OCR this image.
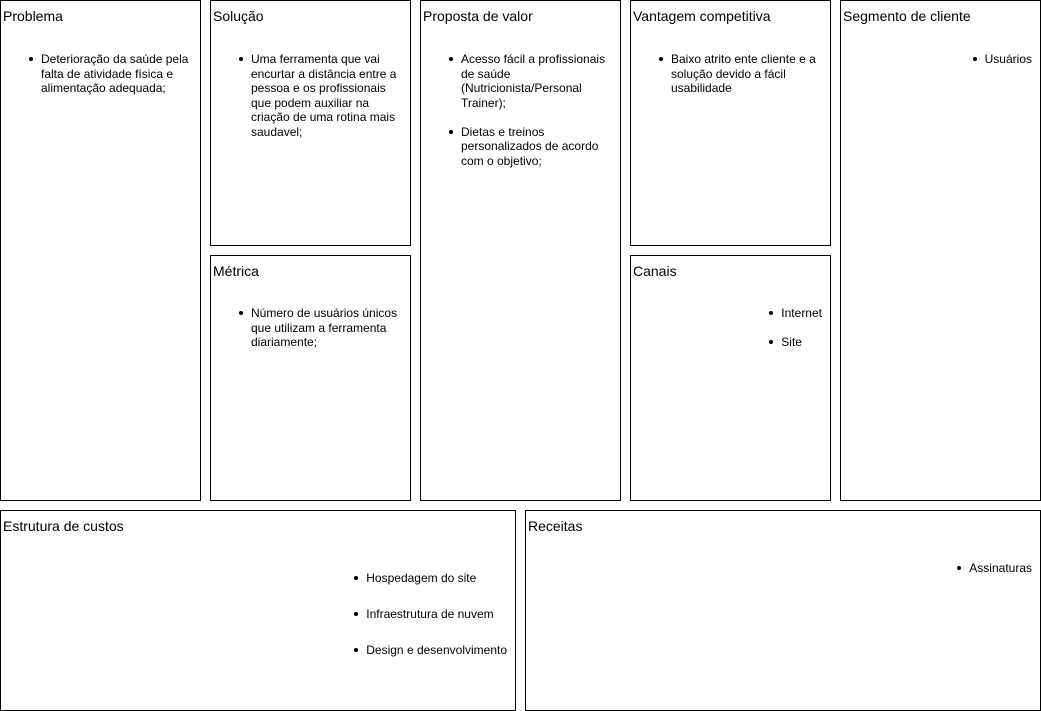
Problema
Deterioração da saúde pela falta de atividade física e alimentação adequada;
Solução
Uma ferramenta que vai encurtar a distância entre a pessoa e os profissionais que podem auxiliar na criação de uma rotina mais saudavel;
Métrica
Número de usuários únicos que utilizam a ferramenta diariamente;
Proposta de valor
Acesso fácil a profissionais de saúde (Nutricionista/Personal Trainer);
Dietas e treinos personalizados de acordo com o objetivo;
Vantagem competitiva
Baixo atrito ente cliente e a solução devido a fácil usabilidade
Canais
Internet
Site
Segmento de cliente
Usuários
Estrutura de custos
Hospedagem do site
Infraestrutura de nuvem
Design e desenvolvimento
Receitas
Assinaturas
